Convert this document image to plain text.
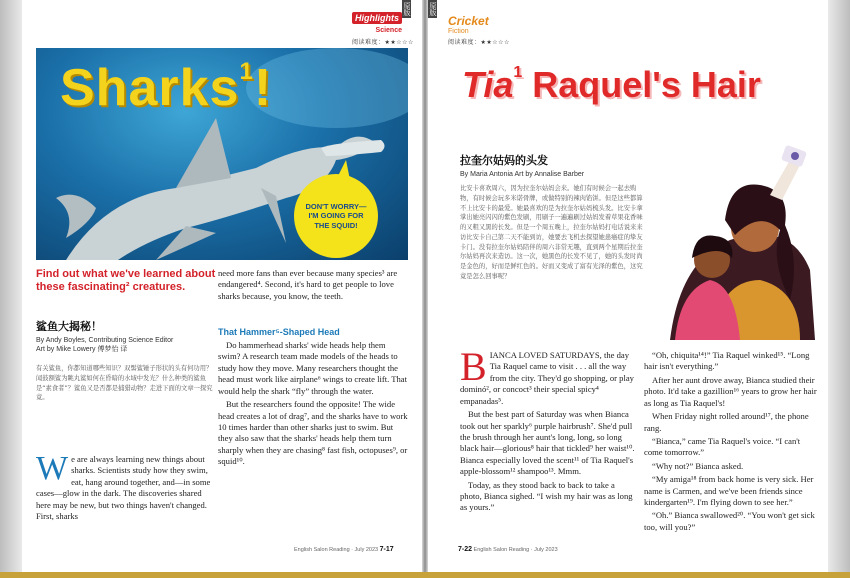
Highlights
Science
原版
阅读难度：★★☆☆☆
Sharks$^1$!
DON'T WORRY— I'M GOING FOR THE SQUID!
Find out what we've learned about these fascinating² creatures.
鲨鱼大揭秘！
By Andy Boyles, Contributing Science Editor
Art by Mike Lowery 傅梦怡 译
有关鲨鱼，你都知道哪些知识？双髻鲨锤子形状的头有何功用？闻鼓额鲨为眺丸鲨如何在昏暗的水域中发光？什么种类的鲨鱼是“素食者”？鲨鱼又是否都是捕猎动物？走进下面的文章一探究竟。
W e are always learning new things about sharks. Scientists study how they swim, eat, hang around together, and—in some cases—glow in the dark. The discoveries shared here may be new, but two things haven't changed. First, sharks
need more fans than ever because many species³ are endangered⁴. Second, it's hard to get people to love sharks because, you know, the teeth.
That Hammer⁵-Shaped Head

Do hammerhead sharks' wide heads help them swim? A research team made models of the heads to study how they move. Many researchers thought the head must work like airplane⁶ wings to create lift. That would help the shark “fly” through the water.

But the researchers found the opposite! The wide head creates a lot of drag⁷, and the sharks have to work 10 times harder than other sharks just to swim. But they also saw that the sharks' heads help them turn sharply when they are chasing⁸ fast fish, octopuses⁹, or squid¹⁰.

English Salon Reading · July 2023 7-17
原版
Cricket
Fiction
阅读难度：★★☆☆☆
Tia$^1$ Raquel's Hair
拉奎尔姑妈的头发
By Maria Antonia Art by Annalise Barber
比安卡喜欢周六，因为拉奎尔姑妈会来。她们有时候会一起去购物，有时候会玩多米诺骨牌，或做特别的辣肉馅饼。但是这些都算不上比安卡的最爱。她最喜欢的是为拉奎尔姑妈梳头发。比安卡拿掌出她亮闪闪的紫色发刷，用刷子一遍遍刷过姑妈发着草果花香味的又粗又黑的长发。但是一个周五晚上，拉奎尔姑妈打电话说来来访比安卡自己第二天不能到访，她要去飞机去探望她患癌症的挚友卡门。没有拉奎尔姑妈陪伴的周六非常无趣，直到两个星期后拉奎尔姑妈再次来造访。这一次，她黑色的长发不见了，她的头发时尚是金色的，好而是鲜红色的。好而又变成了富有光泽的紫色，这究竟是怎么回事呢？
B IANCA LOVED SATURDAYS, the day Tia Raquel came to visit . . . all the way from the city. They'd go shopping, or play dominó², or concoct³ their special spicy⁴ empanadas⁵.

But the best part of Saturday was when Bianca took out her sparkly⁶ purple hairbrush⁷. She'd pull the brush through her aunt's long, long, so long black hair—glorious⁸ hair that tickled⁹ her waist¹⁰. Bianca especially loved the scent¹¹ of Tia Raquel's apple-blossom¹² shampoo¹³. Mmm.

Today, as they stood back to back to take a photo, Bianca sighed. “I wish my hair was as long as yours.”

“Oh, chiquita¹⁴!” Tia Raquel winked¹⁵. “Long hair isn't everything.”

After her aunt drove away, Bianca studied their photo. It'd take a gazillion¹⁶ years to grow her hair as long as Tia Raquel's!

When Friday night rolled around¹⁷, the phone rang.

“Bianca,” came Tia Raquel's voice. “I can't come tomorrow.”

“Why not?” Bianca asked.

“My amiga¹⁸ from back home is very sick. Her name is Carmen, and we've been friends since kindergarten¹⁹. I'm flying down to see her.”

“Oh.” Bianca swallowed²⁰. “You won't get sick too, will you?”

7-22 English Salon Reading · July 2023
